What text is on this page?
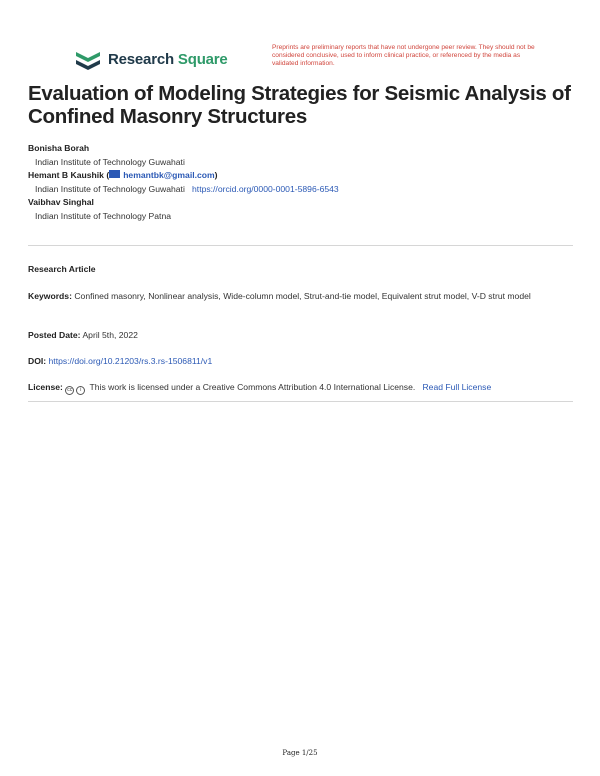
Research Square
Preprints are preliminary reports that have not undergone peer review. They should not be considered conclusive, used to inform clinical practice, or referenced by the media as validated information.
Evaluation of Modeling Strategies for Seismic Analysis of Confined Masonry Structures
Bonisha Borah
Indian Institute of Technology Guwahati
Hemant B Kaushik ( hemantbk@gmail.com)
Indian Institute of Technology Guwahati https://orcid.org/0000-0001-5896-6543
Vaibhav Singhal
Indian Institute of Technology Patna
Research Article
Keywords: Confined masonry, Nonlinear analysis, Wide-column model, Strut-and-tie model, Equivalent strut model, V-D strut model
Posted Date: April 5th, 2022
DOI: https://doi.org/10.21203/rs.3.rs-1506811/v1
License: cc i This work is licensed under a Creative Commons Attribution 4.0 International License. Read Full License
Page 1/25
